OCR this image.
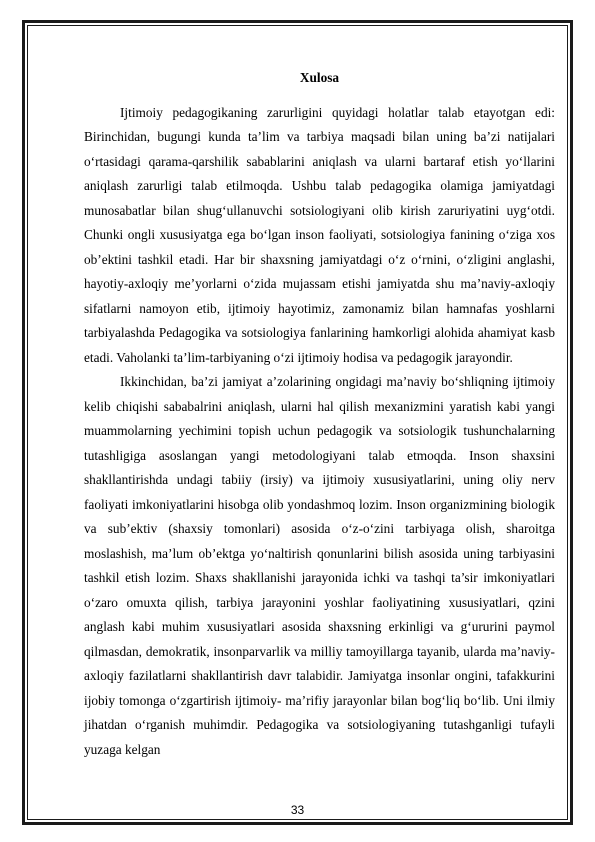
Xulosa

Ijtimoiy pedagogikaning zarurligini quyidagi holatlar talab etayotgan edi: Birinchidan, bugungi kunda ta’lim va tarbiya maqsadi bilan uning ba’zi natijalari o‘rtasidagi qarama-qarshilik sabablarini aniqlash va ularni bartaraf etish yo‘llarini aniqlash zarurligi talab etilmoqda. Ushbu talab pedagogika olamiga jamiyatdagi munosabatlar bilan shug‘ullanuvchi sotsiologiyani olib kirish zaruriyatini uyg‘otdi. Chunki ongli xususiyatga ega bo‘lgan inson faoliyati, sotsiologiya fanining o‘ziga xos ob’ektini tashkil etadi. Har bir shaxsning jamiyatdagi o‘z o‘rnini, o‘zligini anglashi, hayotiy-axloqiy me’yorlarni o‘zida mujassam etishi jamiyatda shu ma’naviy-axloqiy sifatlarni namoyon etib, ijtimoiy hayotimiz, zamonamiz bilan hamnafas yoshlarni tarbiyalashda Pedagogika va sotsiologiya fanlarining hamkorligi alohida ahamiyat kasb etadi. Vaholanki ta’lim-tarbiyaning o‘zi ijtimoiy hodisa va pedagogik jarayondir.

Ikkinchidan, ba’zi jamiyat a’zolarining ongidagi ma’naviy bo‘shliqning ijtimoiy kelib chiqishi sababalrini aniqlash, ularni hal qilish mexanizmini yaratish kabi yangi muammolarning yechimini topish uchun pedagogik va sotsiologik tushunchalarning tutashligiga asoslangan yangi metodologiyani talab etmoqda. Inson shaxsini shakllantirishda undagi tabiiy (irsiy) va ijtimoiy xususiyatlarini, uning oliy nerv faoliyati imkoniyatlarini hisobga olib yondashmoq lozim. Inson organizmining biologik va sub’ektiv (shaxsiy tomonlari) asosida o‘z-o‘zini tarbiyaga olish, sharoitga moslashish, ma’lum ob’ektga yo‘naltirish qonunlarini bilish asosida uning tarbiyasini tashkil etish lozim. Shaxs shakllanishi jarayonida ichki va tashqi ta’sir imkoniyatlari o‘zaro omuxta qilish, tarbiya jarayonini yoshlar faoliyatining xususiyatlari, qzini anglash kabi muhim xususiyatlari asosida shaxsning erkinligi va g‘ururini paymol qilmasdan, demokratik, insonparvarlik va milliy tamoyillarga tayanib, ularda ma’naviy-axloqiy fazilatlarni shakllantirish davr talabidir. Jamiyatga insonlar ongini, tafakkurini ijobiy tomonga o‘zgartirish ijtimoiy- ma’rifiy jarayonlar bilan bog‘liq bo‘lib. Uni ilmiy jihatdan o‘rganish muhimdir. Pedagogika va sotsiologiyaning tutashganligi tufayli yuzaga kelgan

33
